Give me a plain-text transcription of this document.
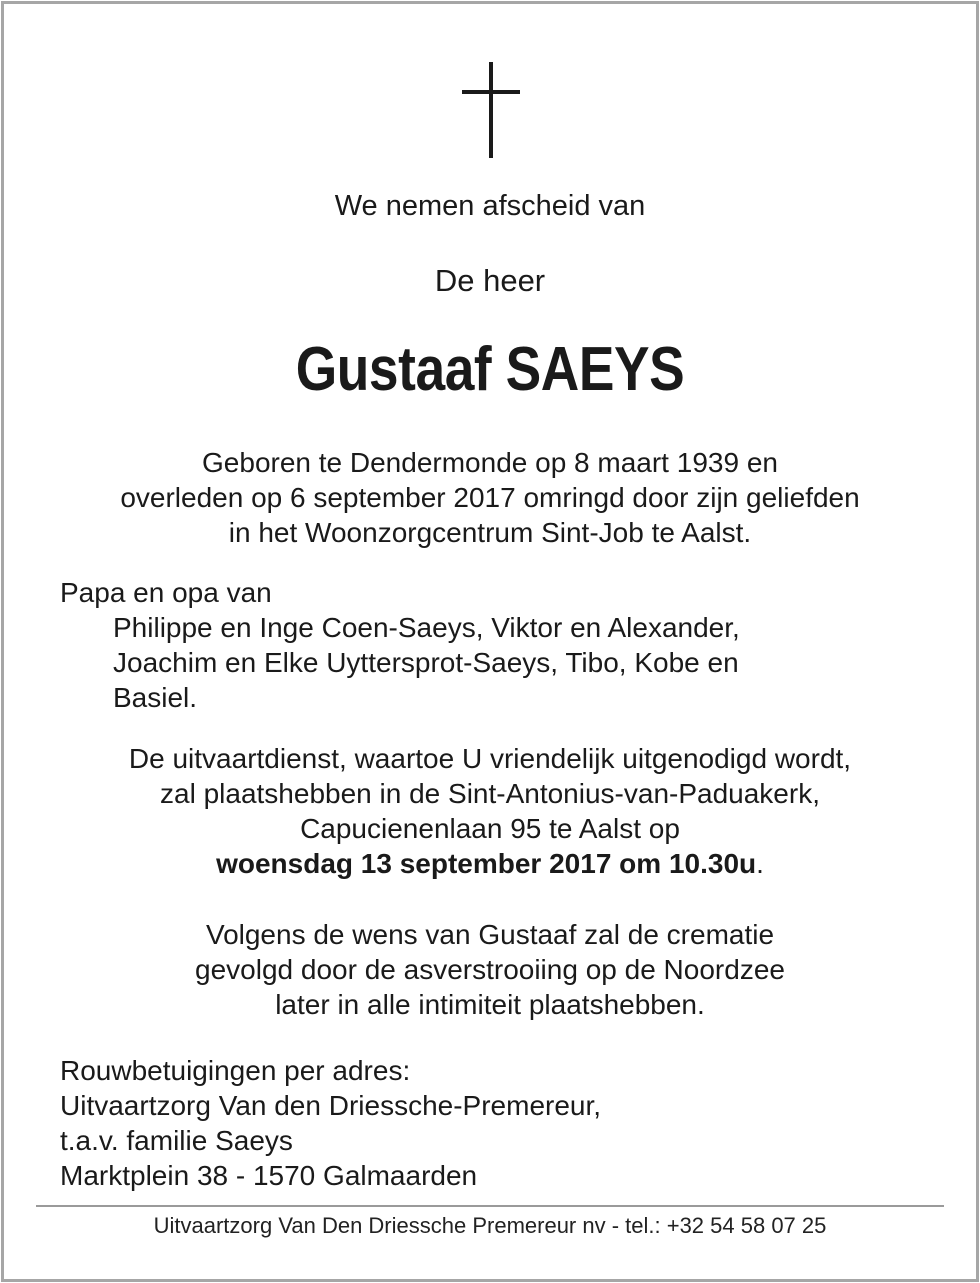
We nemen afscheid van
De heer
Gustaaf SAEYS
Geboren te Dendermonde op 8 maart 1939 en
overleden op 6 september 2017 omringd door zijn geliefden
in het Woonzorgcentrum Sint-Job te Aalst.
Papa en opa van
Philippe en Inge Coen-Saeys, Viktor en Alexander,
Joachim en Elke Uyttersprot-Saeys, Tibo, Kobe en
Basiel.
De uitvaartdienst, waartoe U vriendelijk uitgenodigd wordt,
zal plaatshebben in de Sint-Antonius-van-Paduakerk,
Capucienenlaan 95 te Aalst op
woensdag 13 september 2017 om 10.30u.
Volgens de wens van Gustaaf zal de crematie
gevolgd door de asverstrooiing op de Noordzee
later in alle intimiteit plaatshebben.
Rouwbetuigingen per adres:
Uitvaartzorg Van den Driessche-Premereur,
t.a.v. familie Saeys
Marktplein 38 - 1570 Galmaarden
Uitvaartzorg Van Den Driessche Premereur nv - tel.: +32 54 58 07 25
